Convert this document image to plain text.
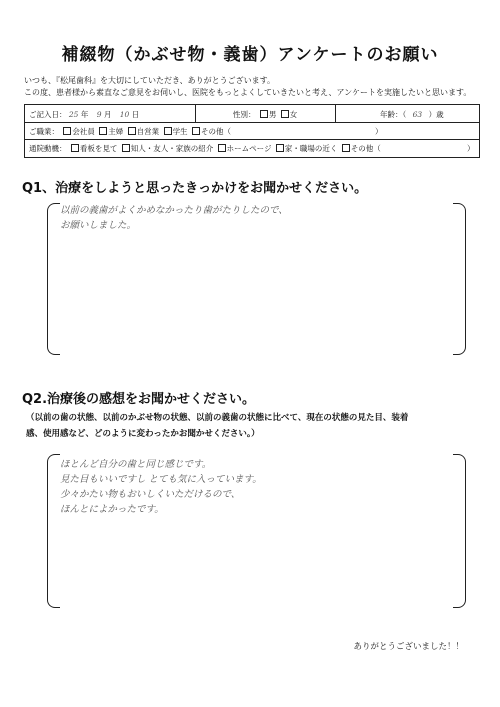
補綴物（かぶせ物・義歯）アンケートのお願い
いつも、『松尾歯科』を大切にしていただき、ありがとうございます。
この度、患者様から素直なご意見をお伺いし、医院をもっとよくしていきたいと考え、アンケートを実施したいと思います。
ご記入日： 25 年 9 月 10 日	性別： 男 女	年齢：（ 63 ）歳
ご職業： 会社員 主婦 自営業 学生 その他（	）
通院動機： 看板を見て 知人・友人・家族の紹介 ホームページ 家・職場の近く その他（	）
Q1、治療をしようと思ったきっかけをお聞かせください。
以前の義歯がよくかめなかったり歯がたりしたので、
お願いしました。
Q2.治療後の感想をお聞かせください。
（以前の歯の状態、以前のかぶせ物の状態、以前の義歯の状態に比べて、現在の状態の見た目、装着
感、使用感など、どのように変わったかお聞かせください。）
ほとんど自分の歯と同じ感じです。
見た目もいいですし とても気に入っています。
少々かたい物もおいしくいただけるので、
ほんとによかったです。
ありがとうございました！！
